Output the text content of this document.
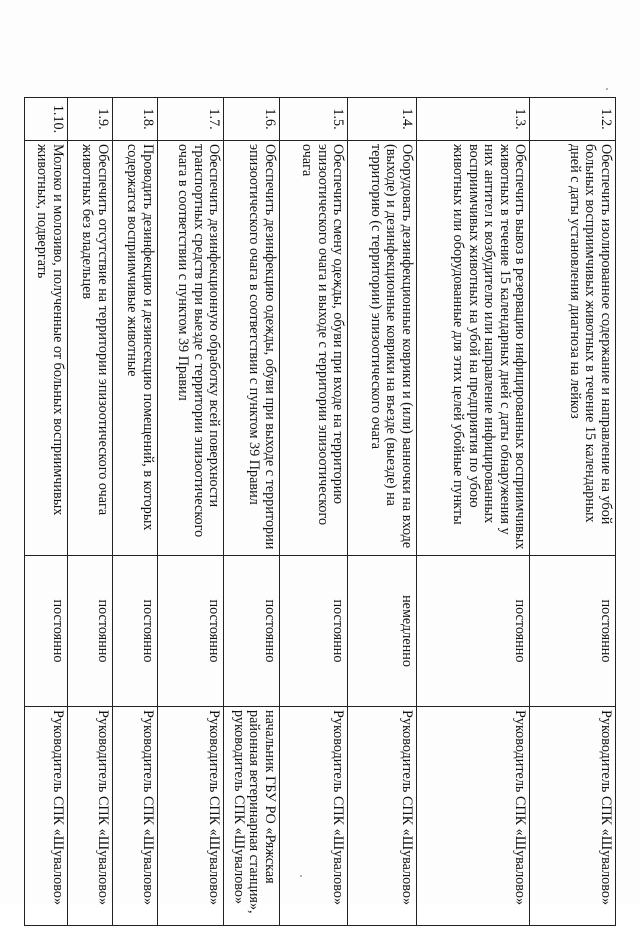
1.2.	Обеспечить изолированное содержание и направление на убой больных восприимчивых животных в течение 15 календарных дней с даты установления диагноза на лейкоз	постоянно	Руководитель СПК «Шувалово»
1.3.	Обеспечить вывоз в резервацию инфицированных восприимчивых животных в течение 15 календарных дней с даты обнаружения у них антител к возбудителю или направление инфицированных восприимчивых животных на убой на предприятия по убою животных или оборудованные для этих целей убойные пункты	постоянно	Руководитель СПК «Шувалово»
1.4.	Оборудовать дезинфекционные коврики и (или) ванночки на входе (выходе) и дезинфекционные коврики на въезде (выезде) на территорию (с территории) эпизоотического очага	немедленно	Руководитель СПК «Шувалово»
1.5.	Обеспечить смену одежды, обуви при входе на территорию эпизоотического очага и выходе с территории эпизоотического очага	постоянно	Руководитель СПК «Шувалово»
1.6.	Обеспечить дезинфекцию одежды, обуви при выходе с территории эпизоотического очага в соответствии с пунктом 39 Правил	постоянно	начальник ГБУ РО «Ряжская районная ветеринарная станция», руководитель СПК «Шувалово»
1.7.	Обеспечить дезинфекционную обработку всей поверхности транспортных средств при выезде с территории эпизоотического очага в соответствии с пунктом 39 Правил	постоянно	Руководитель СПК «Шувалово»
1.8.	Проводить дезинфекцию и дезинсекцию помещений, в которых содержатся восприимчивые животные	постоянно	Руководитель СПК «Шувалово»
1.9.	Обеспечить отсутствие на территории эпизоотического очага животных без владельцев	постоянно	Руководитель СПК «Шувалово»
1.10.	Молоко и молозиво, полученные от больных восприимчивых животных, подвергать	постоянно	Руководитель СПК «Шувалово»
